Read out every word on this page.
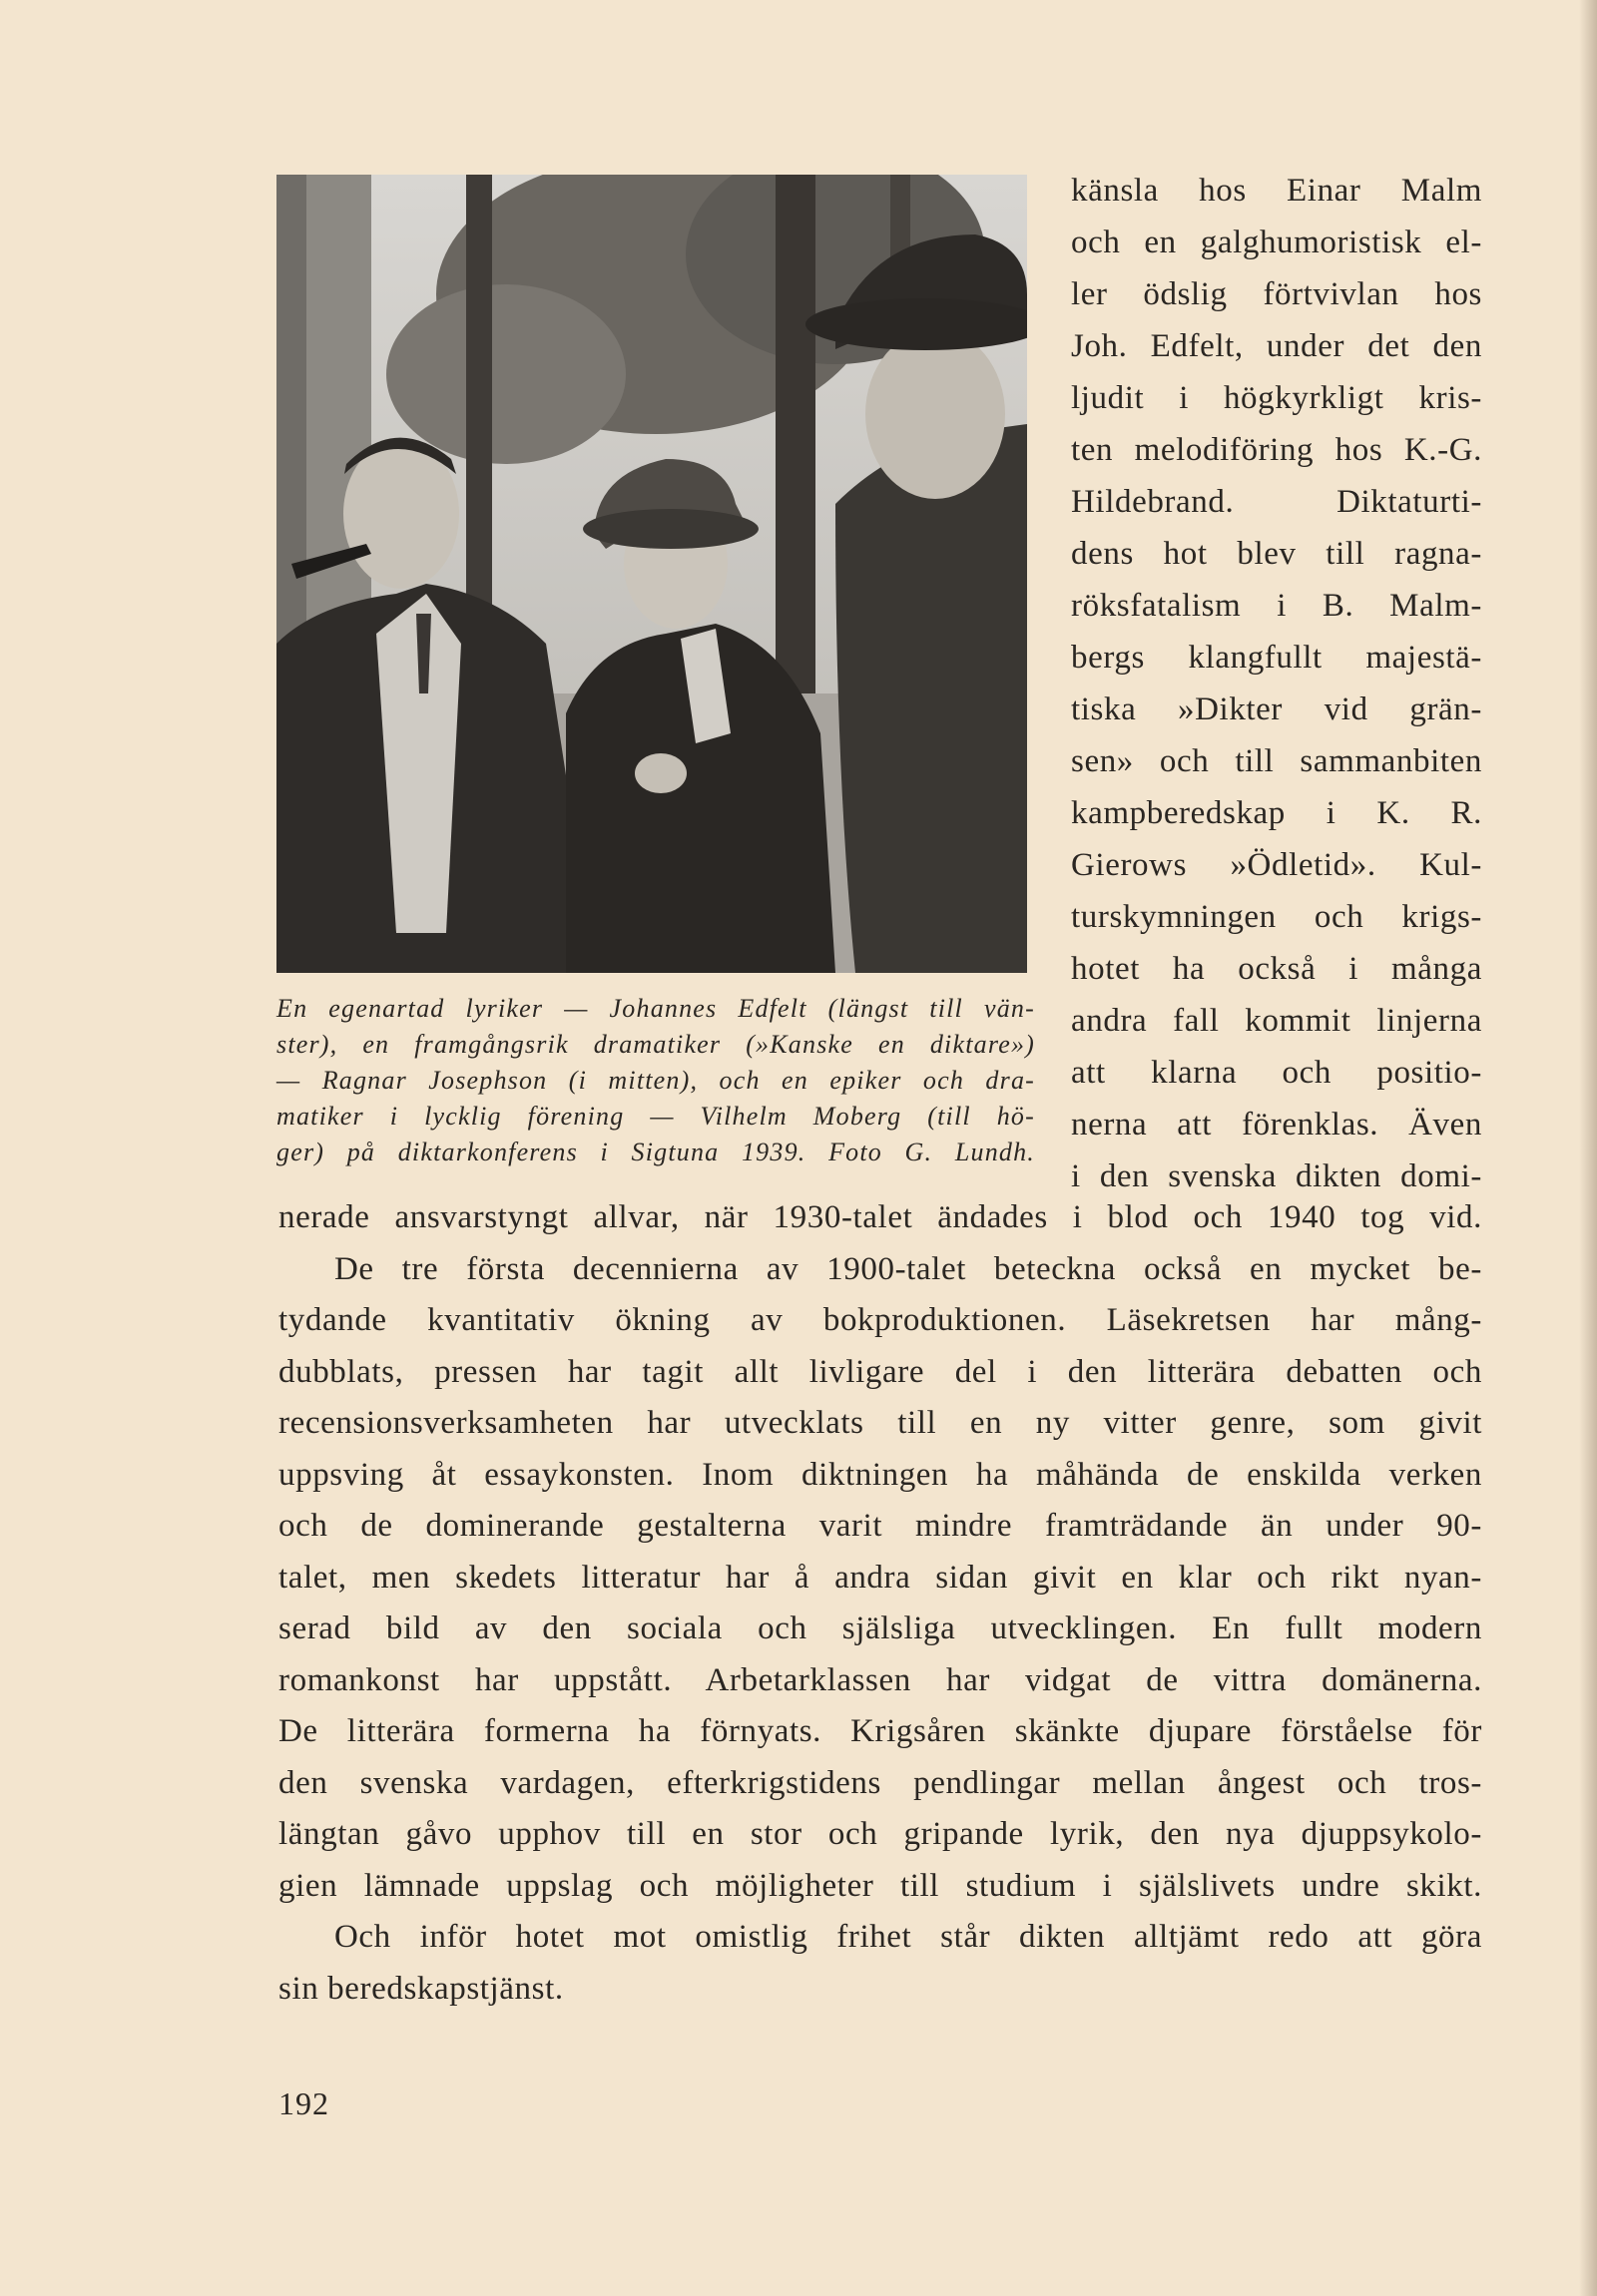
En egenartad lyriker — Johannes Edfelt (längst till vän-
ster), en framgångsrik dramatiker (»Kanske en diktare»)
— Ragnar Josephson (i mitten), och en epiker och dra-
matiker i lycklig förening — Vilhelm Moberg (till hö-
ger) på diktarkonferens i Sigtuna 1939. Foto G. Lundh.
känsla hos Einar Malm
och en galghumoristisk el-
ler ödslig förtvivlan hos
Joh. Edfelt, under det den
ljudit i högkyrkligt kris-
ten melodiföring hos K.-G.
Hildebrand. Diktaturti-
dens hot blev till ragna-
röksfatalism i B. Malm-
bergs klangfullt majestä-
tiska »Dikter vid grän-
sen» och till sammanbiten
kampberedskap i K. R.
Gierows »Ödletid». Kul-
turskymningen och krigs-
hotet ha också i många
andra fall kommit linjerna
att klarna och positio-
nerna att förenklas. Även
i den svenska dikten domi-
nerade ansvarstyngt allvar, när 1930-talet ändades i blod och 1940 tog vid.
De tre första decennierna av 1900-talet beteckna också en mycket be-
tydande kvantitativ ökning av bokproduktionen. Läsekretsen har mång-
dubblats, pressen har tagit allt livligare del i den litterära debatten och
recensionsverksamheten har utvecklats till en ny vitter genre, som givit
uppsving åt essaykonsten. Inom diktningen ha måhända de enskilda verken
och de dominerande gestalterna varit mindre framträdande än under 90-
talet, men skedets litteratur har å andra sidan givit en klar och rikt nyan-
serad bild av den sociala och själsliga utvecklingen. En fullt modern
romankonst har uppstått. Arbetarklassen har vidgat de vittra domänerna.
De litterära formerna ha förnyats. Krigsåren skänkte djupare förståelse för
den svenska vardagen, efterkrigstidens pendlingar mellan ångest och tros-
längtan gåvo upphov till en stor och gripande lyrik, den nya djuppsykolo-
gien lämnade uppslag och möjligheter till studium i själslivets undre skikt.
Och inför hotet mot omistlig frihet står dikten alltjämt redo att göra
sin beredskapstjänst.
192
